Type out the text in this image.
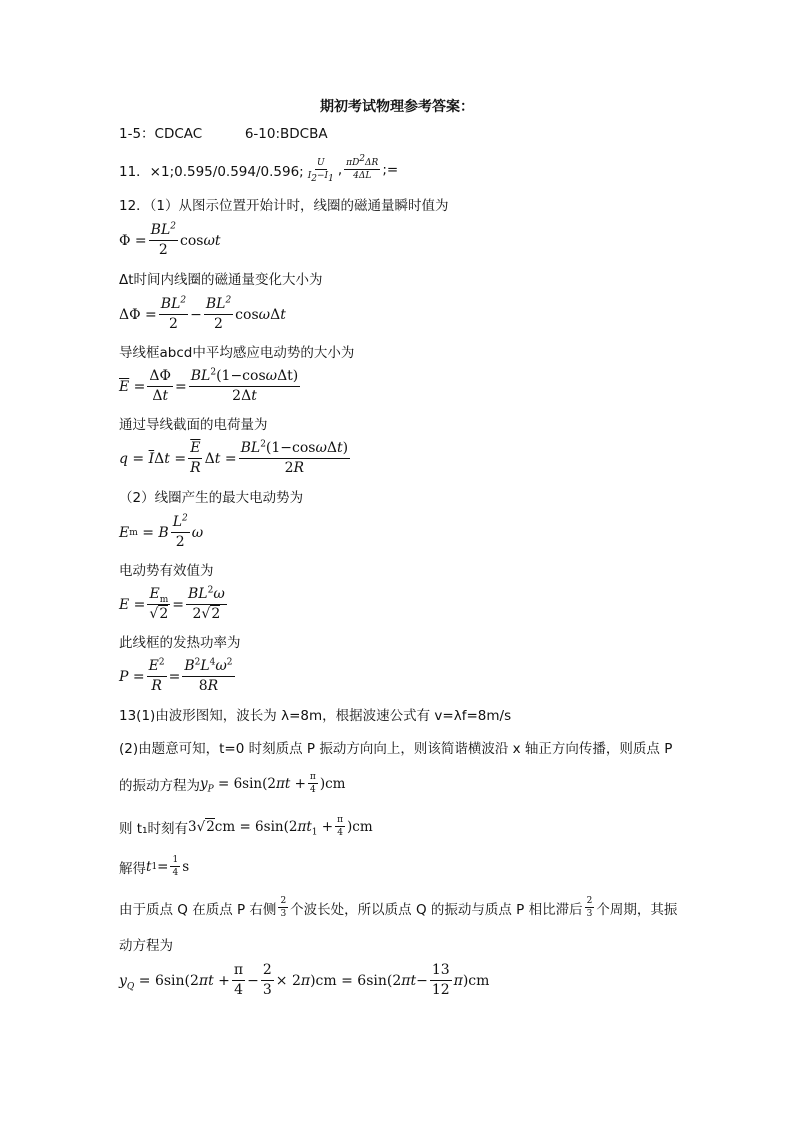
期初考试物理参考答案：
1-5：CDCAC	6-10:BDCBA
11．×1;0.595/0.594/0.596; $\frac{U}{I_2-I_1}$ , $\frac{\pi D^2\Delta R}{4\Delta L}$ ;=
12．（1）从图示位置开始计时，线圈的磁通量瞬时值为
$\Phi = \frac{BL^2}{2}$ cosωt
Δt时间内线圈的磁通量变化大小为
$\Delta\Phi = \frac{BL^2}{2} - \frac{BL^2}{2}$ cosωΔt
导线框abcd中平均感应电动势的大小为
$\overline{E} = \frac{\Delta\Phi}{\Delta t} = \frac{BL^2(1-\cos\omega\Delta t)}{2\Delta t}$
通过导线截面的电荷量为
$q = \overline{I}$ $\Delta t = \frac{\overline{E}}{R}$ $\Delta t = \frac{BL^2(1-\cos\omega\Delta t)}{2R}$
（2）线圈产生的最大电动势为
E m = B $\frac{L^2}{2}$ ω
电动势有效值为
$E = \frac{E_m}{√2} = \frac{BL^2\omega}{2√2}$
此线框的发热功率为
$P = \frac{E^2}{R} = \frac{B^2L^4\omega^2}{8R}$
13(1)由波形图知，波长为 λ=8m，根据波速公式有 v=λf=8m/s
(2)由题意可知，t=0 时刻质点 P 振动方向向上，则该简谐横波沿 x 轴正方向传播，则质点 P
的振动方程为 $y_P = 6\sin(2\pi t + \frac{\pi}{4} )cm$
则 t₁时刻有 $3√2cm = 6\sin(2\pi t_1 + \frac{\pi}{4} )cm$
解得 t $1 = \frac{1}{4}$ s
由于质点 Q 在质点 P 右侧 $\frac{2}{3}$ 个波长处，所以质点 Q 的振动与质点 P 相比滞后 $\frac{2}{3}$ 个周期，其振
动方程为
$y_Q = 6\sin(2\pi t + \frac{\pi}{4} - \frac{2}{3} \times 2\pi)cm = 6\sin(2\pi t- \frac{13}{12}$ π )cm
